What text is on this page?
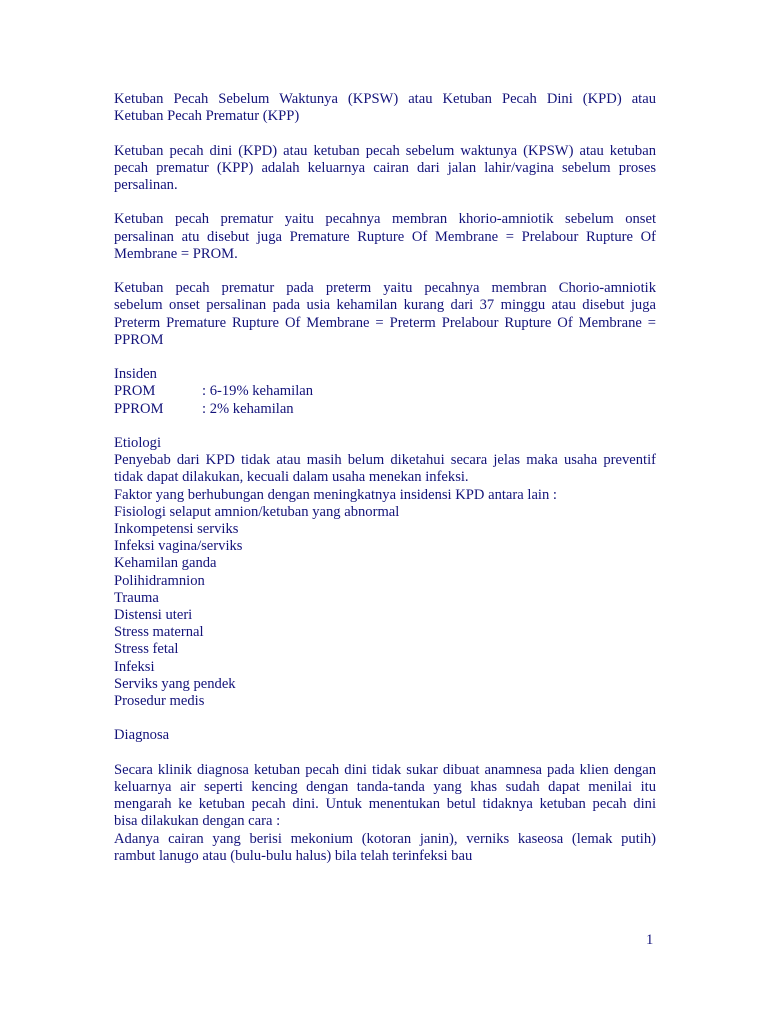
Ketuban Pecah Sebelum Waktunya (KPSW) atau Ketuban Pecah Dini (KPD) atau
Ketuban Pecah Prematur (KPP)
Ketuban pecah dini (KPD) atau ketuban pecah sebelum waktunya (KPSW) atau ketuban
pecah prematur (KPP) adalah keluarnya cairan dari jalan lahir/vagina sebelum proses
persalinan.
Ketuban pecah prematur yaitu pecahnya membran khorio-amniotik sebelum onset
persalinan atu disebut juga Premature Rupture Of Membrane = Prelabour Rupture Of
Membrane = PROM.
Ketuban pecah prematur pada preterm yaitu pecahnya membran Chorio-amniotik
sebelum onset persalinan pada usia kehamilan kurang dari 37 minggu atau disebut juga
Preterm Premature Rupture Of Membrane = Preterm Prelabour Rupture Of Membrane =
PPROM
Insiden
PROM	: 6-19% kehamilan
PPROM	: 2% kehamilan
Etiologi
Penyebab dari KPD tidak atau masih belum diketahui secara jelas maka usaha preventif
tidak dapat dilakukan, kecuali dalam usaha menekan infeksi.
Faktor yang berhubungan dengan meningkatnya insidensi KPD antara lain :
Fisiologi selaput amnion/ketuban yang abnormal
Inkompetensi serviks
Infeksi vagina/serviks
Kehamilan ganda
Polihidramnion
Trauma
Distensi uteri
Stress maternal
Stress fetal
Infeksi
Serviks yang pendek
Prosedur medis
Diagnosa
Secara klinik diagnosa ketuban pecah dini tidak sukar dibuat anamnesa pada klien dengan
keluarnya air seperti kencing dengan tanda-tanda yang khas sudah dapat menilai itu
mengarah ke ketuban pecah dini. Untuk menentukan betul tidaknya ketuban pecah dini
bisa dilakukan dengan cara :
Adanya cairan yang berisi mekonium (kotoran janin), verniks kaseosa (lemak putih)
rambut lanugo atau (bulu-bulu halus) bila telah terinfeksi bau
1
